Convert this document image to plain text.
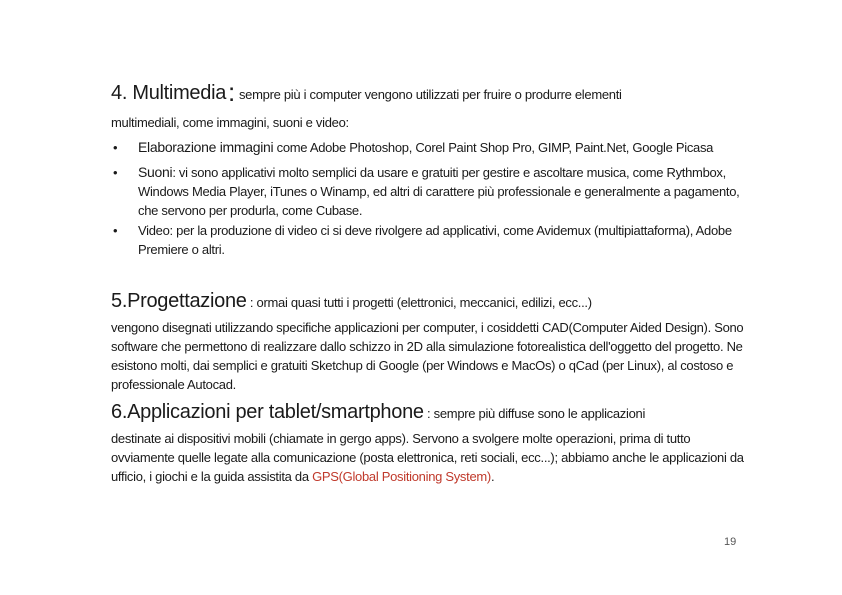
4. Multimedia: sempre più i computer vengono utilizzati per fruire o produrre elementi
multimediali, come immagini, suoni e video:
• Elaborazione immagini come Adobe Photoshop, Corel Paint Shop Pro, GIMP, Paint.Net, Google Picasa
• Suoni: vi sono applicativi molto semplici da usare e gratuiti per gestire e ascoltare musica, come Rythmbox, Windows Media Player, iTunes o Winamp, ed altri di carattere più professionale e generalmente a pagamento, che servono per produrla, come Cubase.
• Video: per la produzione di video ci si deve rivolgere ad applicativi, come Avidemux (multipiattaforma), Adobe Premiere o altri.
5.Progettazione : ormai quasi tutti i progetti (elettronici, meccanici, edilizi, ecc...)
vengono disegnati utilizzando specifiche applicazioni per computer, i cosiddetti CAD(Computer Aided Design). Sono software che permettono di realizzare dallo schizzo in 2D alla simulazione fotorealistica dell'oggetto del progetto. Ne esistono molti, dai semplici e gratuiti Sketchup di Google (per Windows e MacOs) o qCad (per Linux), al costoso e professionale Autocad.
6.Applicazioni per tablet/smartphone : sempre più diffuse sono le applicazioni
destinate ai dispositivi mobili (chiamate in gergo apps). Servono a svolgere molte operazioni, prima di tutto ovviamente quelle legate alla comunicazione (posta elettronica, reti sociali, ecc...); abbiamo anche le applicazioni da ufficio, i giochi e la guida assistita da GPS(Global Positioning System).
19
